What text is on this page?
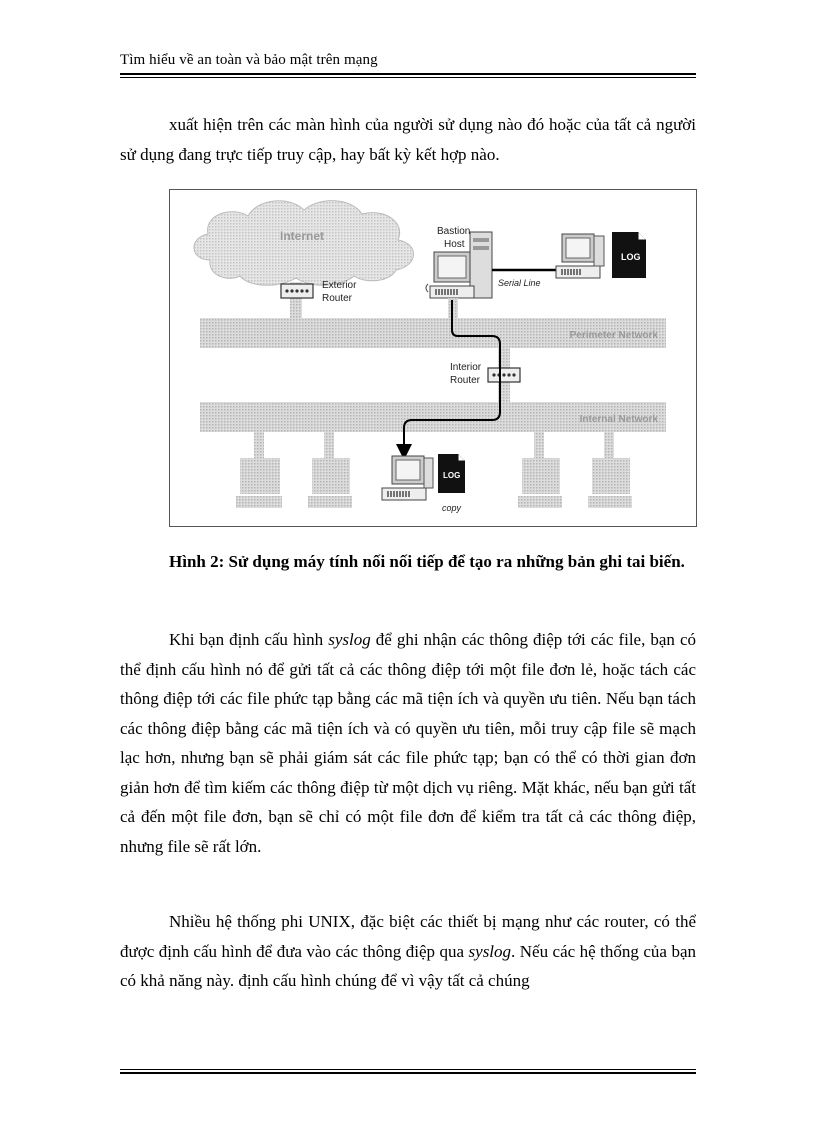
Tìm hiểu về an toàn và bảo mật trên mạng

xuất hiện trên các màn hình của người sử dụng nào đó hoặc của tất cả người sử dụng đang trực tiếp truy cập, hay bất kỳ kết hợp nào.

Internet
Perimeter Network
Internal Network
Exterior
Router
Bastion
Host
Serial Line
LOG
Interior
Router
LOG
copy

Hình 2: Sử dụng máy tính nối nối tiếp để tạo ra những bản ghi tai biến.

Khi bạn định cấu hình syslog để ghi nhận các thông điệp tới các file, bạn có thể định cấu hình nó để gửi tất cả các thông điệp tới một file đơn lẻ, hoặc tách các thông điệp tới các file phức tạp bằng các mã tiện ích và quyền ưu tiên. Nếu bạn tách các thông điệp bằng các mã tiện ích và có quyền ưu tiên, mỗi truy cập file sẽ mạch lạc hơn, nhưng bạn sẽ phải giám sát các file phức tạp; bạn có thể có thời gian đơn giản hơn để tìm kiếm các thông điệp từ một dịch vụ riêng. Mặt khác, nếu bạn gửi tất cả đến một file đơn, bạn sẽ chỉ có một file đơn để kiểm tra tất cả các thông điệp, nhưng file sẽ rất lớn.

Nhiều hệ thống phi UNIX, đặc biệt các thiết bị mạng như các router, có thể được định cấu hình để đưa vào các thông điệp qua syslog. Nếu các hệ thống của bạn có khả năng này. định cấu hình chúng để vì vậy tất cả chúng
